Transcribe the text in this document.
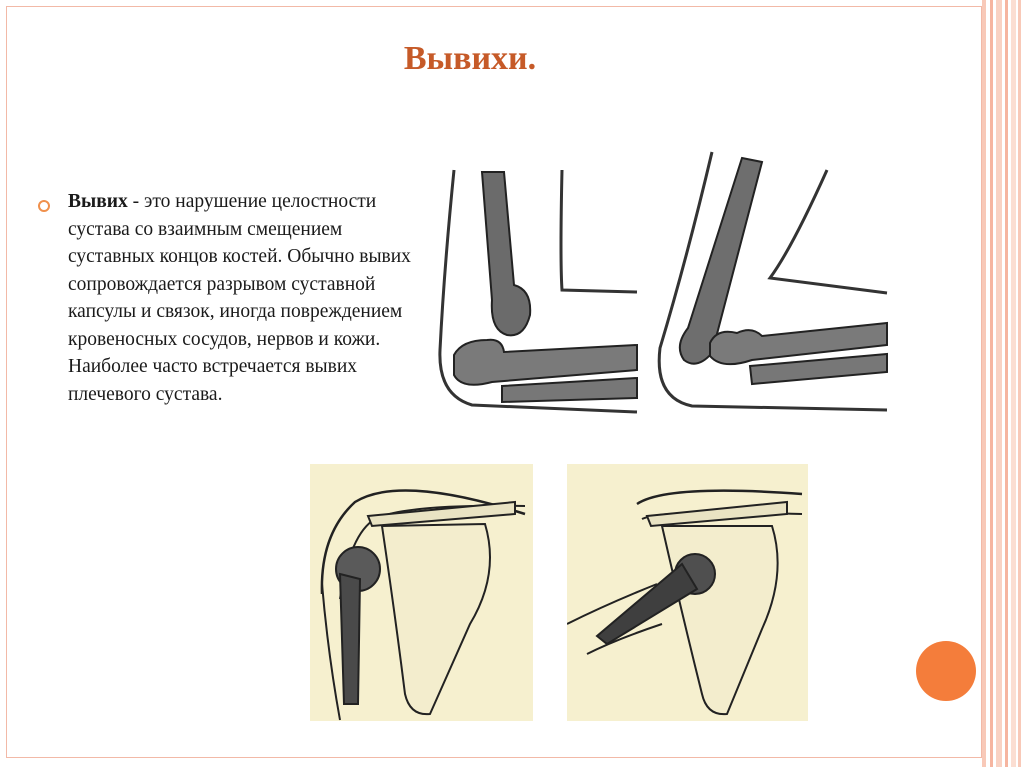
Вывихи.
Вывих - это нарушение целостности сустава со взаимным смещением суставных концов костей. Обычно вывих сопровождается разрывом суставной капсулы и связок, иногда повреждением кровеносных сосудов, нервов и кожи. Наиболее часто встречается вывих плечевого сустава.
